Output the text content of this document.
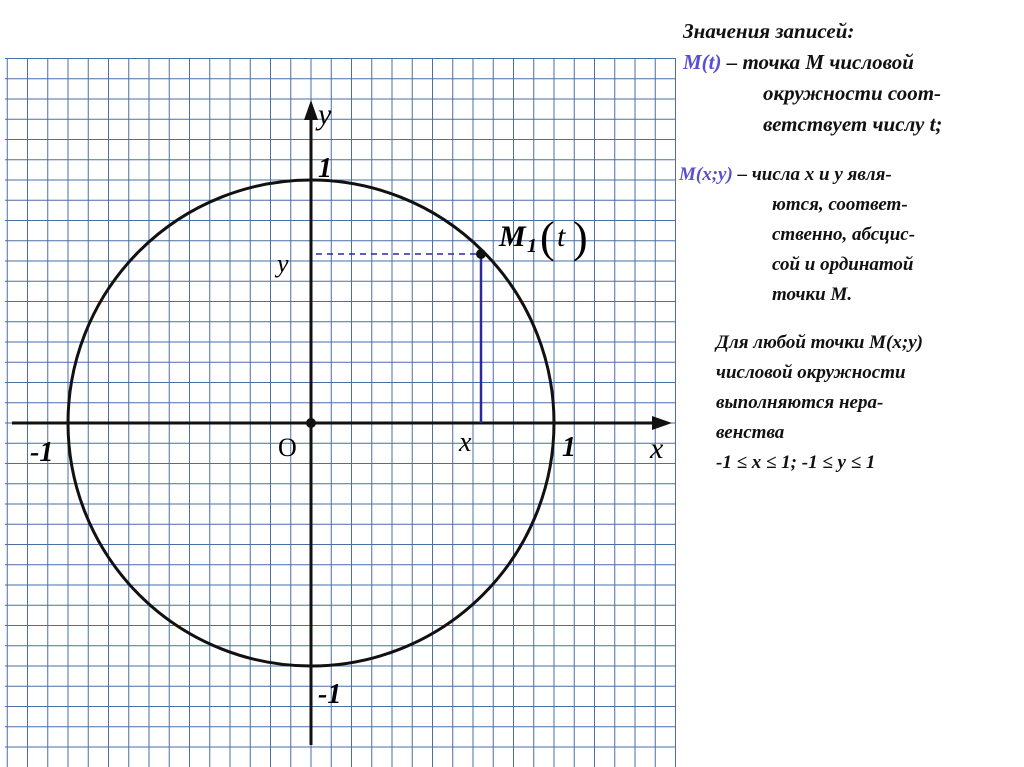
y
x
O
1
-1
1
-1
y
x
M 1 ( t )
Значения записей:
M(t) – точка М числовой
окружности соот-
ветствует числу t;
М(x;y) – числа x и y явля-
ются, соответ-
ственно, абсцис-
сой и ординатой
точки М.
Для любой точки М(x;y)
числовой окружности
выполняются нера-
венства
-1 ≤ x ≤ 1; -1 ≤ y ≤ 1
